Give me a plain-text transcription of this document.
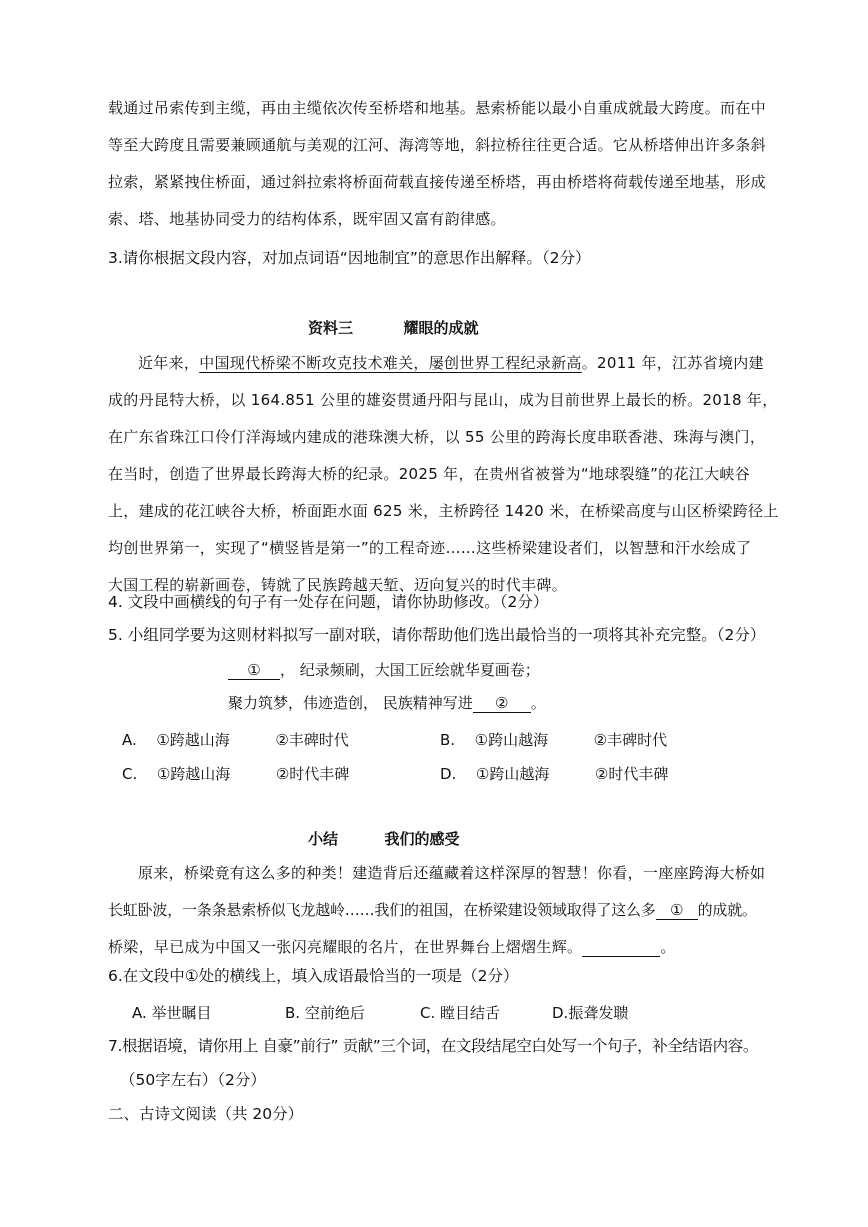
载通过吊索传到主缆，再由主缆依次传至桥塔和地基。悬索桥能以最小自重成就最大跨度。而在中
等至大跨度且需要兼顾通航与美观的江河、海湾等地，斜拉桥往往更合适。它从桥塔伸出许多条斜
拉索，紧紧拽住桥面，通过斜拉索将桥面荷载直接传递至桥塔，再由桥塔将荷载传递至地基，形成
索、塔、地基协同受力的结构体系，既牢固又富有韵律感。
3.请你根据文段内容，对加点词语“因地制宜”的意思作出解释。（2分）
资料三	耀眼的成就
近年来，中国现代桥梁不断攻克技术难关，屡创世界工程纪录新高。2011 年，江苏省境内建
成的丹昆特大桥，以 164.851 公里的雄姿贯通丹阳与昆山，成为目前世界上最长的桥。2018 年，
在广东省珠江口伶仃洋海域内建成的港珠澳大桥，以 55 公里的跨海长度串联香港、珠海与澳门，
在当时，创造了世界最长跨海大桥的纪录。2025 年，在贵州省被誉为“地球裂缝”的花江大峡谷
上，建成的花江峡谷大桥，桥面距水面 625 米，主桥跨径 1420 米，在桥梁高度与山区桥梁跨径上
均创世界第一，实现了“横竖皆是第一”的工程奇迹……这些桥梁建设者们，以智慧和汗水绘成了
大国工程的崭新画卷，铸就了民族跨越天堑、迈向复兴的时代丰碑。
4. 文段中画横线的句子有一处存在问题，请你协助修改。（2分）
5. 小组同学要为这则材料拟写一副对联，请你帮助他们选出最恰当的一项将其补充完整。（2分）
① ， 纪录频刷，大国工匠绘就华夏画卷；
聚力筑梦，伟迹造创， 民族精神写进 ② 。
A. ①跨越山海	②丰碑时代	B. ①跨山越海	②丰碑时代
C. ①跨越山海	②时代丰碑	D. ①跨山越海	②时代丰碑
小结	我们的感受
原来，桥梁竟有这么多的种类！建造背后还蕴藏着这样深厚的智慧！你看，一座座跨海大桥如
长虹卧波，一条条悬索桥似飞龙越岭……我们的祖国，在桥梁建设领域取得了这么多 ① 的成就。
桥梁，早已成为中国又一张闪亮耀眼的名片，在世界舞台上熠熠生辉。	。
6.在文段中①处的横线上，填入成语最恰当的一项是（2分）
A. 举世瞩目	B. 空前绝后	C. 瞠目结舌	D.振聋发聩
7.根据语境，请你用上 自豪”前行” 贡献”三个词，在文段结尾空白处写一个句子，补全结语内容。
（50字左右）（2分）
二、古诗文阅读（共 20分）
